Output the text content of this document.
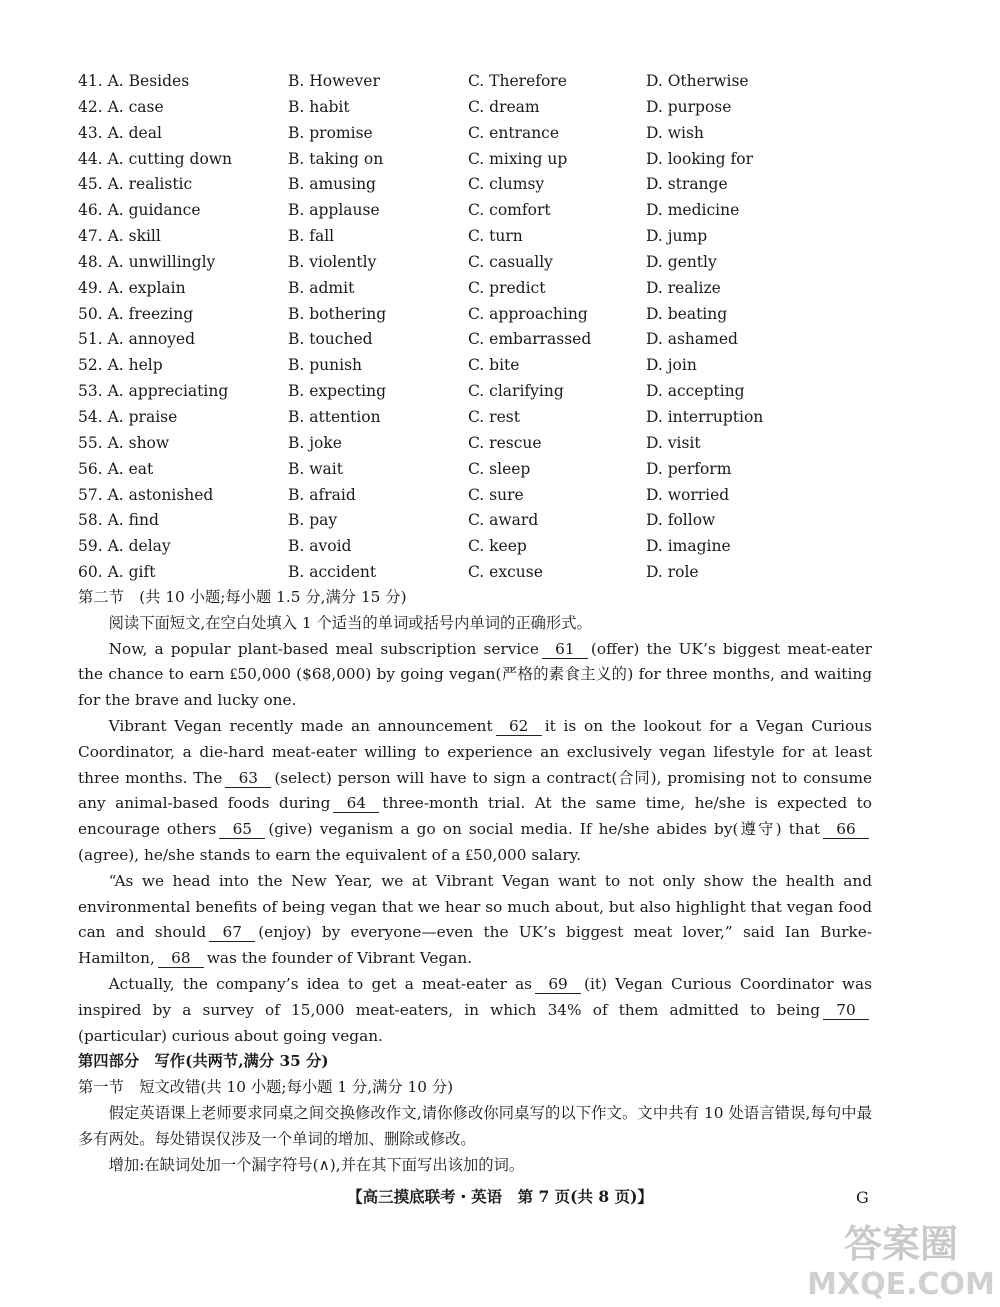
41. A. Besides	B. However	C. Therefore	D. Otherwise
42. A. case	B. habit	C. dream	D. purpose
43. A. deal	B. promise	C. entrance	D. wish
44. A. cutting down	B. taking on	C. mixing up	D. looking for
45. A. realistic	B. amusing	C. clumsy	D. strange
46. A. guidance	B. applause	C. comfort	D. medicine
47. A. skill	B. fall	C. turn	D. jump
48. A. unwillingly	B. violently	C. casually	D. gently
49. A. explain	B. admit	C. predict	D. realize
50. A. freezing	B. bothering	C. approaching	D. beating
51. A. annoyed	B. touched	C. embarrassed	D. ashamed
52. A. help	B. punish	C. bite	D. join
53. A. appreciating	B. expecting	C. clarifying	D. accepting
54. A. praise	B. attention	C. rest	D. interruption
55. A. show	B. joke	C. rescue	D. visit
56. A. eat	B. wait	C. sleep	D. perform
57. A. astonished	B. afraid	C. sure	D. worried
58. A. find	B. pay	C. award	D. follow
59. A. delay	B. avoid	C. keep	D. imagine
60. A. gift	B. accident	C. excuse	D. role

第二节　(共 10 小题;每小题 1.5 分,满分 15 分)

阅读下面短文,在空白处填入 1 个适当的单词或括号内单词的正确形式。

Now, a popular plant-based meal subscription service 61 (offer) the UK’s biggest meat-eater the chance to earn ₤50,000 ($68,000) by going vegan(严格的素食主义的) for three months, and waiting for the brave and lucky one.

Vibrant Vegan recently made an announcement 62 it is on the lookout for a Vegan Curious Coordinator, a die-hard meat-eater willing to experience an exclusively vegan lifestyle for at least three months. The 63 (select) person will have to sign a contract(合同), promising not to consume any animal-based foods during 64 three-month trial. At the same time, he/she is expected to encourage others 65 (give) veganism a go on social media. If he/she abides by(遵守) that 66(agree), he/she stands to earn the equivalent of a ₤50,000 salary.

“As we head into the New Year, we at Vibrant Vegan want to not only show the health and environmental benefits of being vegan that we hear so much about, but also highlight that vegan food can and should 67 (enjoy) by everyone—even the UK’s biggest meat lover,” said Ian Burke-Hamilton, 68 was the founder of Vibrant Vegan.

Actually, the company’s idea to get a meat-eater as 69 (it) Vegan Curious Coordinator was inspired by a survey of 15,000 meat-eaters, in which 34% of them admitted to being 70(particular) curious about going vegan.

第四部分　写作(共两节,满分 35 分)

第一节　短文改错(共 10 小题;每小题 1 分,满分 10 分)

假定英语课上老师要求同桌之间交换修改作文,请你修改你同桌写的以下作文。文中共有 10 处语言错误,每句中最多有两处。每处错误仅涉及一个单词的增加、删除或修改。

增加:在缺词处加一个漏字符号(∧),并在其下面写出该加的词。

【高三摸底联考・英语　第 7 页(共 8 页)】	G
答案圈
MXQE.COM
